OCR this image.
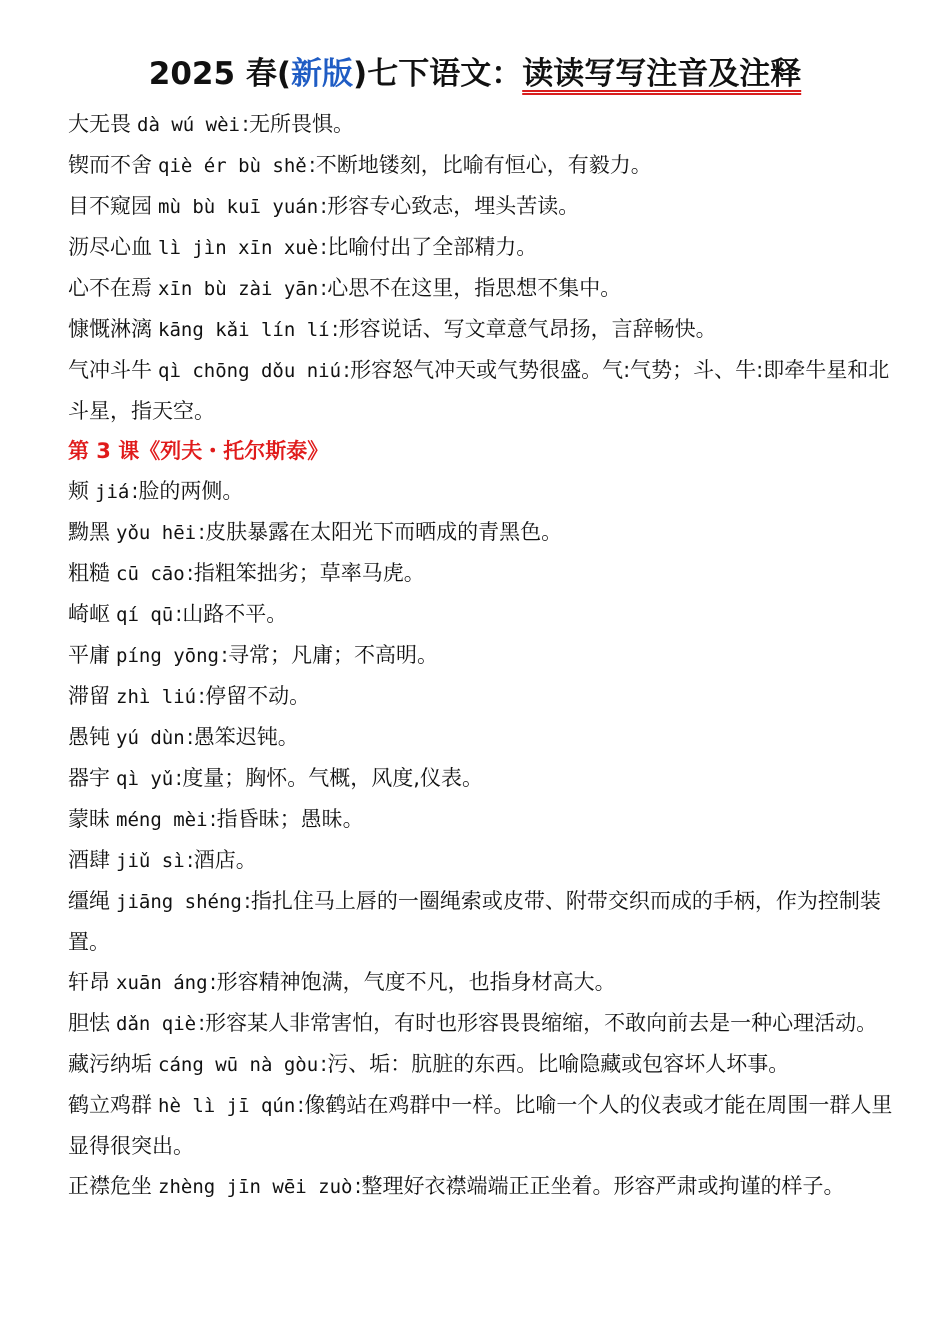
2025 春(新版)七下语文：读读写写注音及注释

大无畏 dà wú wèi:无所畏惧。

锲而不舍 qiè ér bù shě:不断地镂刻，比喻有恒心，有毅力。

目不窥园 mù bù kuī yuán:形容专心致志，埋头苦读。

沥尽心血 lì jìn xīn xuè:比喻付出了全部精力。

心不在焉 xīn bù zài yān:心思不在这里，指思想不集中。

慷慨淋漓 kāng kǎi lín lí:形容说话、写文章意气昂扬，言辞畅快。

气冲斗牛 qì chōng dǒu niú:形容怒气冲天或气势很盛。气:气势；斗、牛:即牵牛星和北斗星，指天空。

第 3 课《列夫・托尔斯泰》

颊 jiá:脸的两侧。

黝黑 yǒu hēi:皮肤暴露在太阳光下而晒成的青黑色。

粗糙 cū cāo:指粗笨拙劣；草率马虎。

崎岖 qí qū:山路不平。

平庸 píng yōng:寻常；凡庸；不高明。

滞留 zhì liú:停留不动。

愚钝 yú dùn:愚笨迟钝。

器宇 qì yǔ:度量；胸怀。气概，风度,仪表。

蒙昧 méng mèi:指昏昧；愚昧。

酒肆 jiǔ sì:酒店。

缰绳 jiāng shéng:指扎住马上唇的一圈绳索或皮带、附带交织而成的手柄，作为控制装置。

轩昂 xuān áng:形容精神饱满，气度不凡，也指身材高大。

胆怯 dǎn qiè:形容某人非常害怕，有时也形容畏畏缩缩，不敢向前去是一种心理活动。

藏污纳垢 cáng wū nà gòu:污、垢：肮脏的东西。比喻隐藏或包容坏人坏事。

鹤立鸡群 hè lì jī qún:像鹤站在鸡群中一样。比喻一个人的仪表或才能在周围一群人里显得很突出。

正襟危坐 zhèng jīn wēi zuò:整理好衣襟端端正正坐着。形容严肃或拘谨的样子。
